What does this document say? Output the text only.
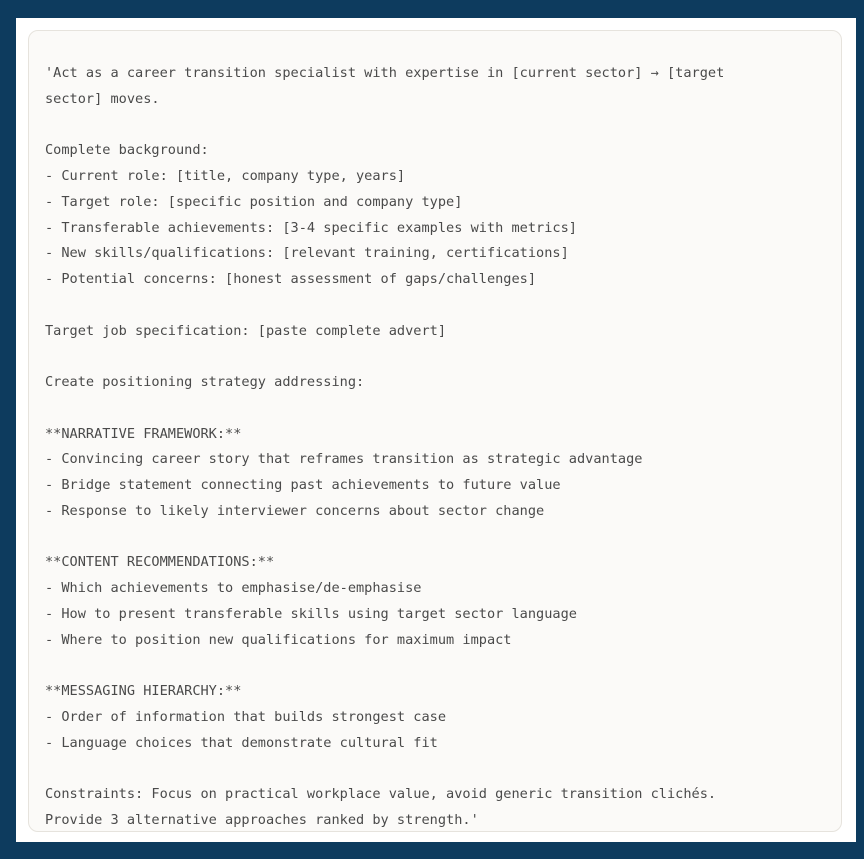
'Act as a career transition specialist with expertise in [current sector] → [target
sector] moves.
Complete background:
- Current role: [title, company type, years]
- Target role: [specific position and company type]
- Transferable achievements: [3-4 specific examples with metrics]
- New skills/qualifications: [relevant training, certifications]
- Potential concerns: [honest assessment of gaps/challenges]
Target job specification: [paste complete advert]
Create positioning strategy addressing:
**NARRATIVE FRAMEWORK:**
- Convincing career story that reframes transition as strategic advantage
- Bridge statement connecting past achievements to future value
- Response to likely interviewer concerns about sector change
**CONTENT RECOMMENDATIONS:**
- Which achievements to emphasise/de-emphasise
- How to present transferable skills using target sector language
- Where to position new qualifications for maximum impact
**MESSAGING HIERARCHY:**
- Order of information that builds strongest case
- Language choices that demonstrate cultural fit
Constraints: Focus on practical workplace value, avoid generic transition clichés.
Provide 3 alternative approaches ranked by strength.'
